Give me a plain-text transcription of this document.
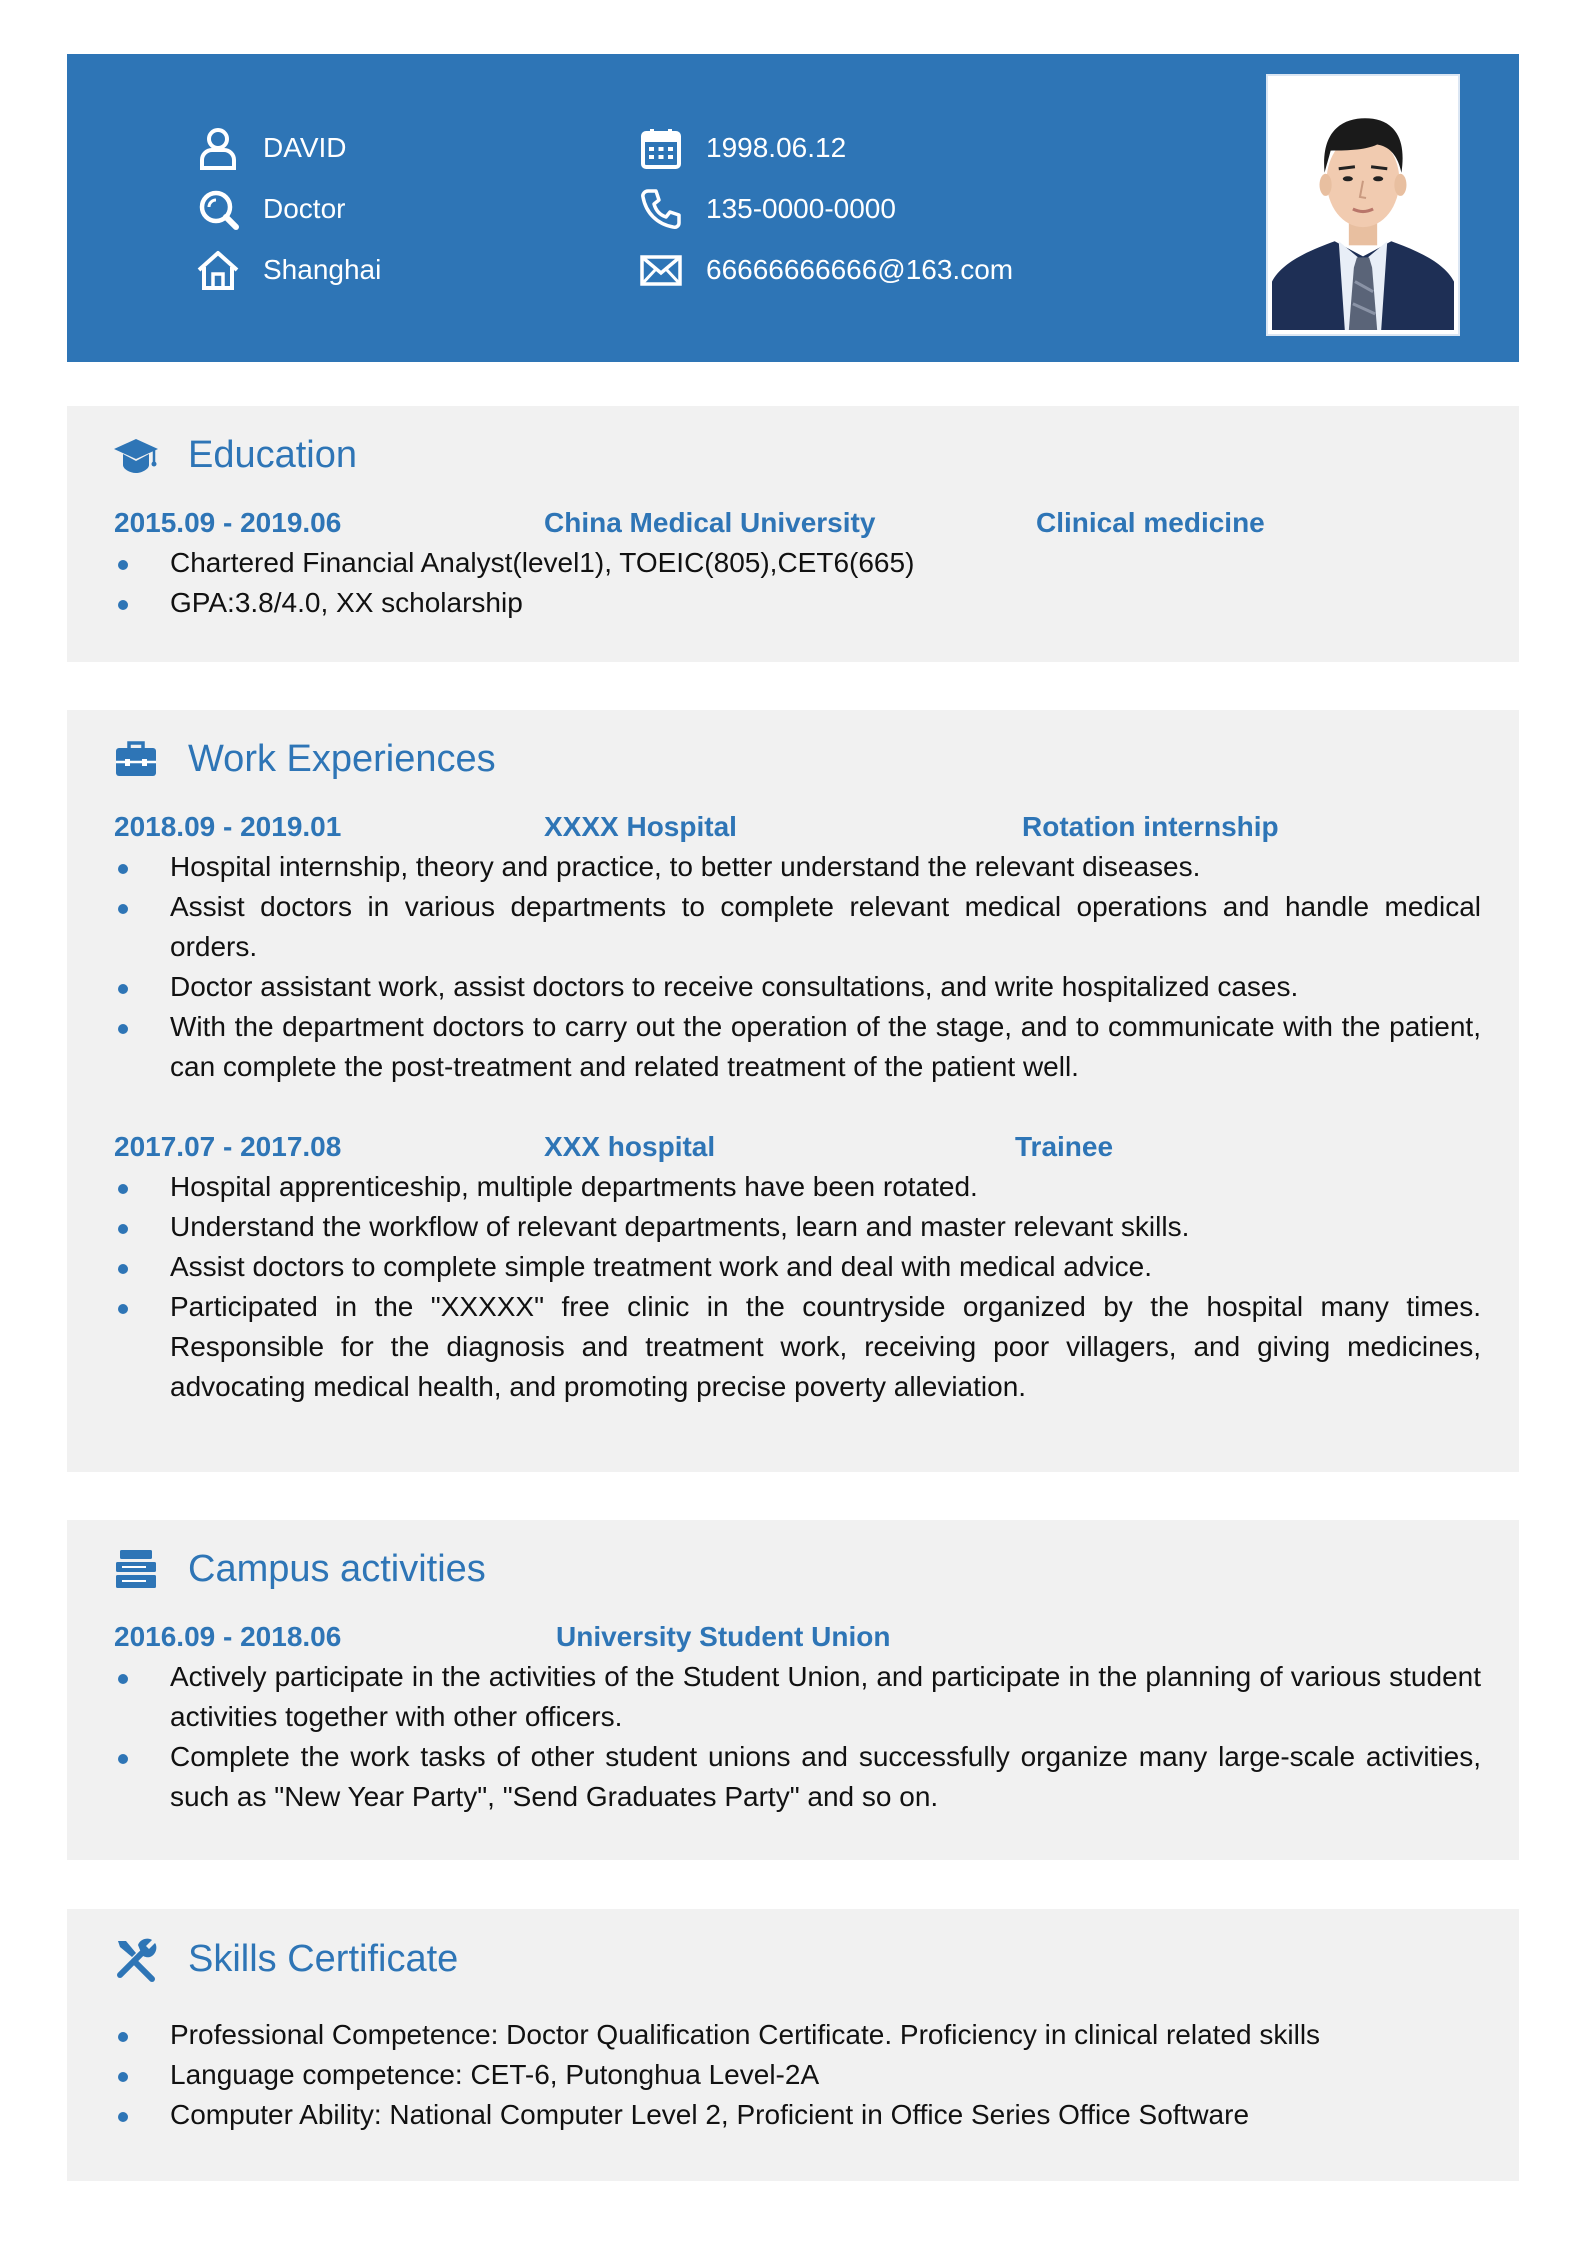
DAVID
Doctor
Shanghai
1998.06.12
135-0000-0000
66666666666@163.com
Education
2015.09 - 2019.06	China Medical University	Clinical medicine
Chartered Financial Analyst(level1), TOEIC(805),CET6(665)
GPA:3.8/4.0, XX scholarship
Work Experiences
2018.09 - 2019.01	XXXX Hospital	Rotation internship
Hospital internship, theory and practice, to better understand the relevant diseases.
Assist doctors in various departments to complete relevant medical operations and handle medical orders.
Doctor assistant work, assist doctors to receive consultations, and write hospitalized cases.
With the department doctors to carry out the operation of the stage, and to communicate with the patient, can complete the post-treatment and related treatment of the patient well.
2017.07 - 2017.08	XXX hospital	Trainee
Hospital apprenticeship, multiple departments have been rotated.
Understand the workflow of relevant departments, learn and master relevant skills.
Assist doctors to complete simple treatment work and deal with medical advice.
Participated in the "XXXXX" free clinic in the countryside organized by the hospital many times. Responsible for the diagnosis and treatment work, receiving poor villagers, and giving medicines, advocating medical health, and promoting precise poverty alleviation.
Campus activities
2016.09 - 2018.06	University Student Union
Actively participate in the activities of the Student Union, and participate in the planning of various student activities together with other officers.
Complete the work tasks of other student unions and successfully organize many large-scale activities, such as "New Year Party", "Send Graduates Party" and so on.
Skills Certificate
Professional Competence: Doctor Qualification Certificate. Proficiency in clinical related skills
Language competence: CET-6, Putonghua Level-2A
Computer Ability: National Computer Level 2, Proficient in Office Series Office Software
